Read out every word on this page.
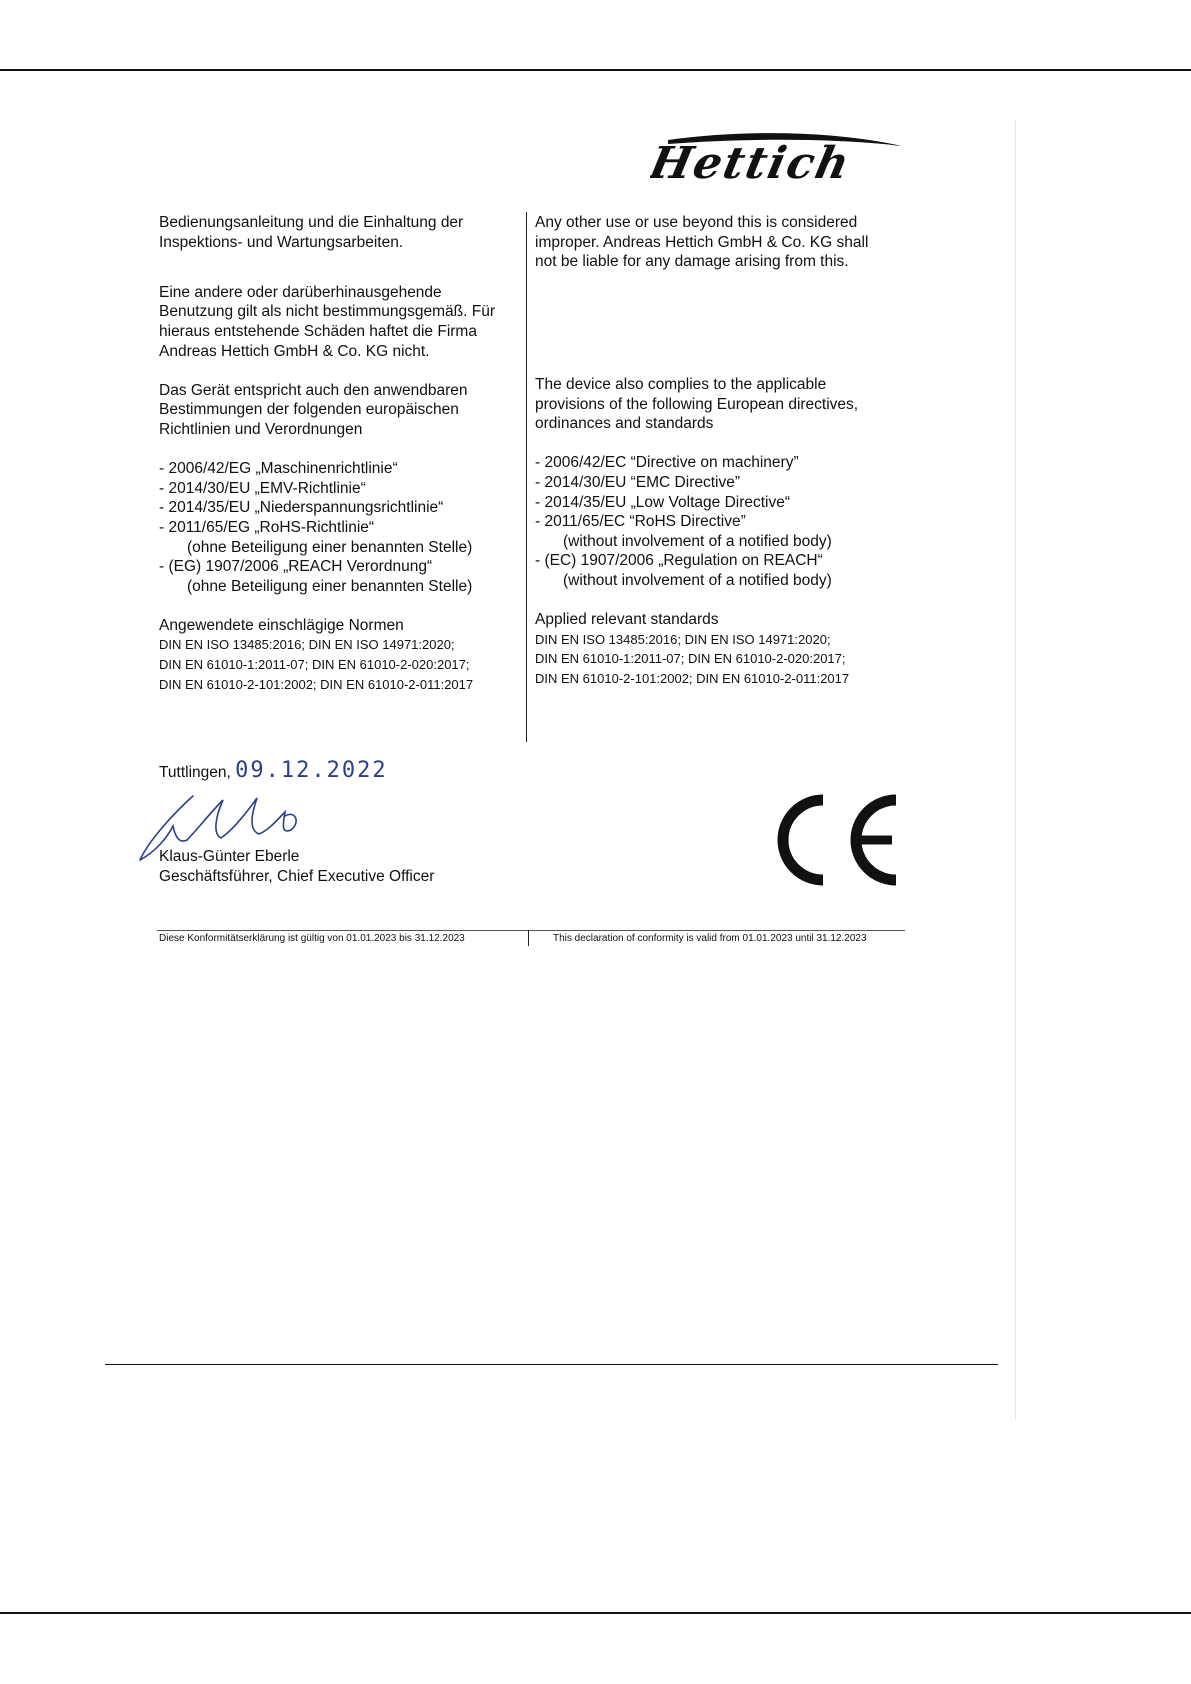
Hettich

Bedienungsanleitung und die Einhaltung der
Inspektions- und Wartungsarbeiten.

Eine andere oder darüberhinausgehende
Benutzung gilt als nicht bestimmungsgemäß. Für
hieraus entstehende Schäden haftet die Firma
Andreas Hettich GmbH & Co. KG nicht.

Das Gerät entspricht auch den anwendbaren
Bestimmungen der folgenden europäischen
Richtlinien und Verordnungen

- 2006/42/EG „Maschinenrichtlinie“
- 2014/30/EU „EMV-Richtlinie“
- 2014/35/EU „Niederspannungsrichtlinie“
- 2011/65/EG „RoHS-Richtlinie“
(ohne Beteiligung einer benannten Stelle)
- (EG) 1907/2006 „REACH Verordnung“
(ohne Beteiligung einer benannten Stelle)

Angewendete einschlägige Normen
DIN EN ISO 13485:2016; DIN EN ISO 14971:2020;
DIN EN 61010-1:2011-07; DIN EN 61010-2-020:2017;
DIN EN 61010-2-101:2002; DIN EN 61010-2-011:2017

Any other use or use beyond this is considered
improper. Andreas Hettich GmbH & Co. KG shall
not be liable for any damage arising from this.

The device also complies to the applicable
provisions of the following European directives,
ordinances and standards

- 2006/42/EC “Directive on machinery”
- 2014/30/EU “EMC Directive”
- 2014/35/EU „Low Voltage Directive“
- 2011/65/EC “RoHS Directive”
(without involvement of a notified body)
- (EC) 1907/2006 „Regulation on REACH“
(without involvement of a notified body)

Applied relevant standards
DIN EN ISO 13485:2016; DIN EN ISO 14971:2020;
DIN EN 61010-1:2011-07; DIN EN 61010-2-020:2017;
DIN EN 61010-2-101:2002; DIN EN 61010-2-011:2017

Tuttlingen, 09.12.2022
Klaus-Günter Eberle
Geschäftsführer, Chief Executive Officer
Diese Konformitätserklärung ist gültig von 01.01.2023 bis 31.12.2023	This declaration of conformity is valid from 01.01.2023 until 31.12.2023
